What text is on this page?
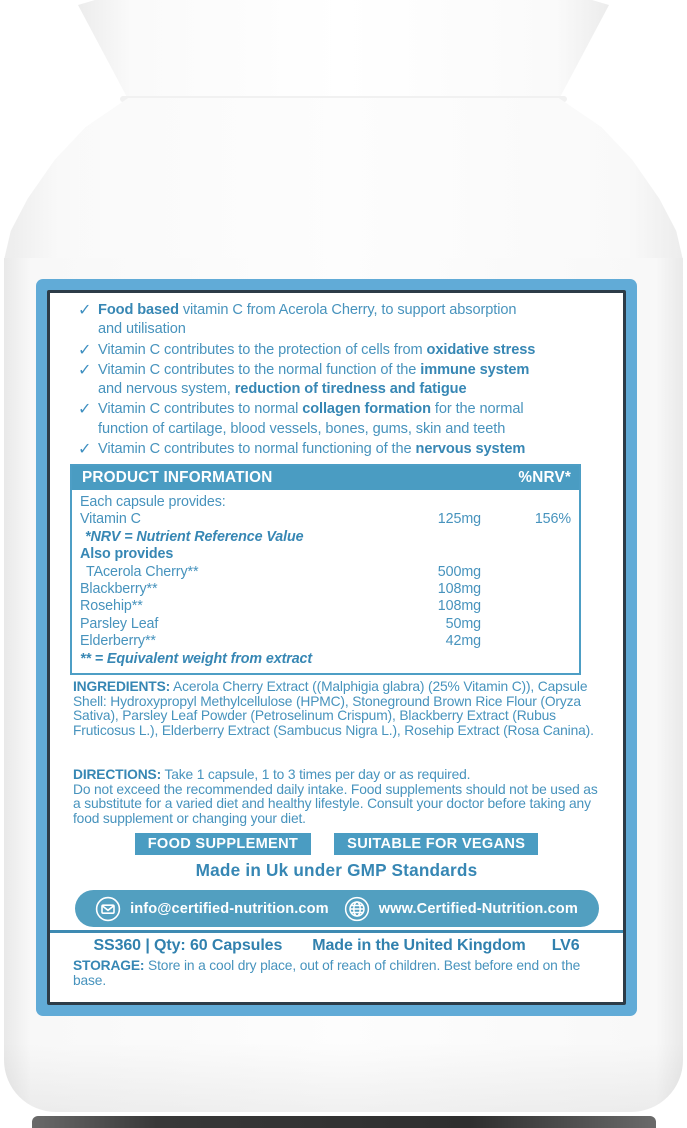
✓ Food based vitamin C from Acerola Cherry, to support absorption
and utilisation

✓ Vitamin C contributes to the protection of cells from oxidative stress

✓ Vitamin C contributes to the normal function of the immune system
and nervous system, reduction of tiredness and fatigue

✓ Vitamin C contributes to normal collagen formation for the normal
function of cartilage, blood vessels, bones, gums, skin and teeth

✓ Vitamin C contributes to normal functioning of the nervous system

PRODUCT INFORMATION	%NRV*
Each capsule provides:
Vitamin C	125mg	156%
*NRV = Nutrient Reference Value
Also provides
TAcerola Cherry**	500mg
Blackberry**	108mg
Rosehip**	108mg
Parsley Leaf	50mg
Elderberry**	42mg
** = Equivalent weight from extract

INGREDIENTS: Acerola Cherry Extract ((Malphigia glabra) (25% Vitamin C)), Capsule Shell: Hydroxypropyl Methylcellulose (HPMC), Stoneground Brown Rice Flour (Oryza Sativa), Parsley Leaf Powder (Petroselinum Crispum), Blackberry Extract (Rubus Fruticosus L.), Elderberry Extract (Sambucus Nigra L.), Rosehip Extract (Rosa Canina).

DIRECTIONS: Take 1 capsule, 1 to 3 times per day or as required.
Do not exceed the recommended daily intake. Food supplements should not be used as a substitute for a varied diet and healthy lifestyle. Consult your doctor before taking any food supplement or changing your diet.

FOOD SUPPLEMENT	SUITABLE FOR VEGANS
Made in Uk under GMP Standards
info@certified-nutrition.com	www.Certified-Nutrition.com
SS360 | Qty: 60 Capsules Made in the United Kingdom LV6

STORAGE: Store in a cool dry place, out of reach of children. Best before end on the base.
